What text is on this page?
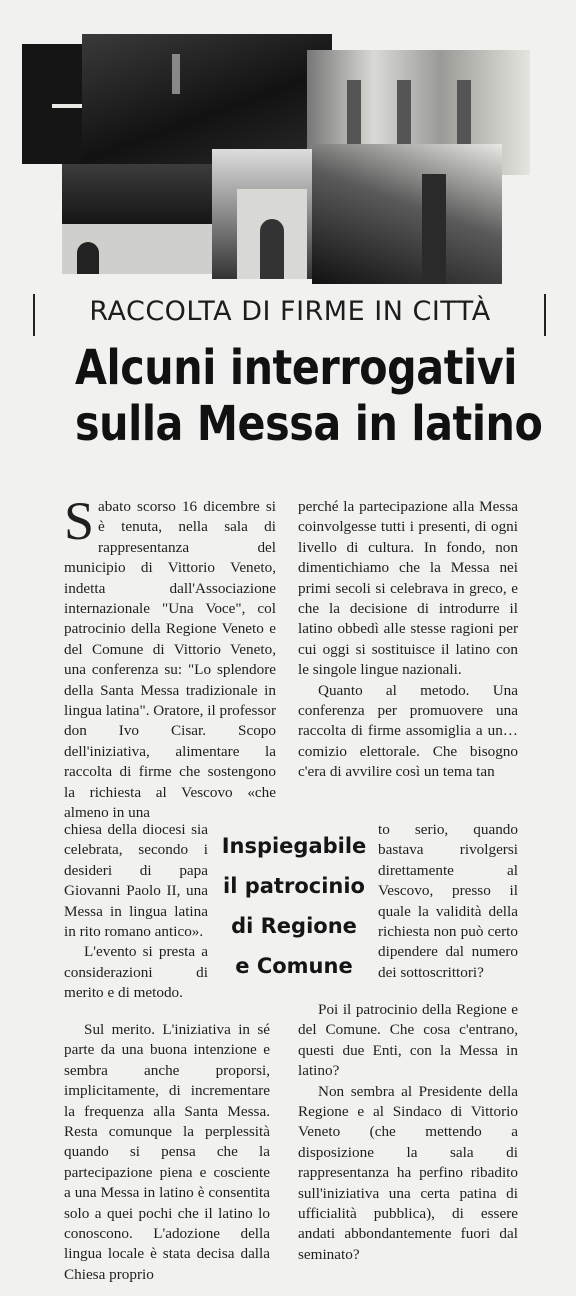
RACCOLTA DI FIRME IN CITTÀ
Alcuni interrogativi
sulla Messa in latino

Sabato scorso 16 dicembre si è tenuta, nella sala di rappresentanza del municipio di Vittorio Veneto, indetta dall'Associazione internazionale "Una Voce", col patrocinio della Regione Veneto e del Comune di Vittorio Veneto, una conferenza su: "Lo splendore della Santa Messa tradizionale in lingua latina". Oratore, il professor don Ivo Cisar. Scopo dell'iniziativa, alimentare la raccolta di firme che sostengono la richiesta al Vescovo «che almeno in una

chiesa della diocesi sia celebrata, secondo i desideri di papa Giovanni Paolo II, una Messa in lingua latina in rito romano antico».

L'evento si presta a considerazioni di merito e di metodo.

Sul merito. L'iniziativa in sé parte da una buona intenzione e sembra anche proporsi, implicitamente, di incrementare la frequenza alla Santa Messa. Resta comunque la perplessità quando si pensa che la partecipazione piena e cosciente a una Messa in latino è consentita solo a quei pochi che il latino lo conoscono. L'adozione della lingua locale è stata decisa dalla Chiesa proprio

perché la partecipazione alla Messa coinvolgesse tutti i presenti, di ogni livello di cultura. In fondo, non dimentichiamo che la Messa nei primi secoli si celebrava in greco, e che la decisione di introdurre il latino obbedì alle stesse ragioni per cui oggi si sostituisce il latino con le singole lingue nazionali.

Quanto al metodo. Una conferenza per promuovere una raccolta di firme assomiglia a un… comizio elettorale. Che bisogno c'era di avvilire così un tema tan

Inspiegabile
il patrocinio
di Regione
e Comune

to serio, quando bastava rivolgersi direttamente al Vescovo, presso il quale la validità della richiesta non può certo dipendere dal numero dei sottoscrittori?

Poi il patrocinio della Regione e del Comune. Che cosa c'entrano, questi due Enti, con la Messa in latino?

Non sembra al Presidente della Regione e al Sindaco di Vittorio Veneto (che mettendo a disposizione la sala di rappresentanza ha perfino ribadito sull'iniziativa una certa patina di ufficialità pubblica), di essere andati abbondantemente fuori dal seminato?
